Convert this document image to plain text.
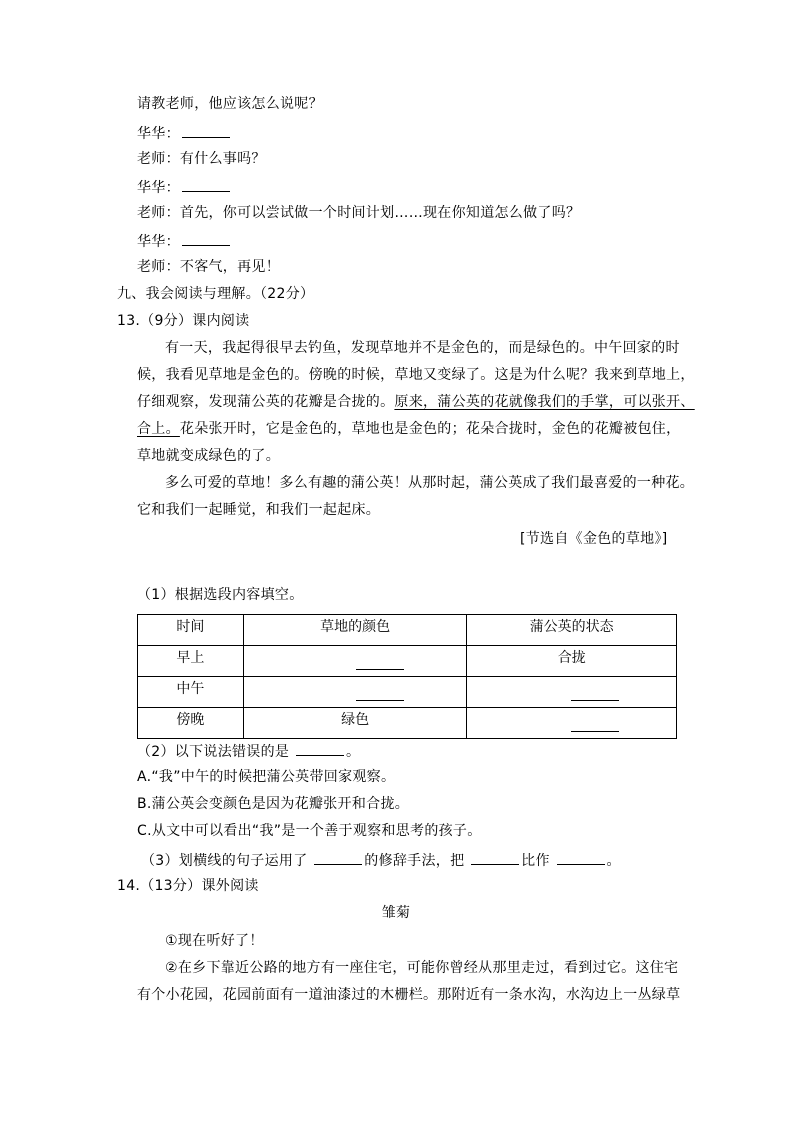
请教老师，他应该怎么说呢？
华华：
老师：有什么事吗？
华华：
老师：首先，你可以尝试做一个时间计划……现在你知道怎么做了吗？
华华：
老师：不客气，再见！
九、我会阅读与理解。（22分）
13.（9分）课内阅读
有一天，我起得很早去钓鱼，发现草地并不是金色的，而是绿色的。中午回家的时
候，我看见草地是金色的。傍晚的时候，草地又变绿了。这是为什么呢？我来到草地上，
仔细观察，发现蒲公英的花瓣是合拢的。原来，蒲公英的花就像我们的手掌，可以张开、
合上。花朵张开时，它是金色的，草地也是金色的；花朵合拢时，金色的花瓣被包住，
草地就变成绿色的了。
多么可爱的草地！多么有趣的蒲公英！从那时起，蒲公英成了我们最喜爱的一种花。
它和我们一起睡觉，和我们一起起床。
[节选自《金色的草地》]
（1）根据选段内容填空。
时间	草地的颜色	蒲公英的状态

早上		合拢

中午		

傍晚	绿色	

（2）以下说法错误的是	。
A.“我”中午的时候把蒲公英带回家观察。
B.蒲公英会变颜色是因为花瓣张开和合拢。
C.从文中可以看出“我”是一个善于观察和思考的孩子。
（3）划横线的句子运用了	的修辞手法，把	比作	。
14.（13分）课外阅读
雏菊
①现在听好了！
②在乡下靠近公路的地方有一座住宅，可能你曾经从那里走过，看到过它。这住宅
有个小花园，花园前面有一道油漆过的木栅栏。那附近有一条水沟，水沟边上一丛绿草
